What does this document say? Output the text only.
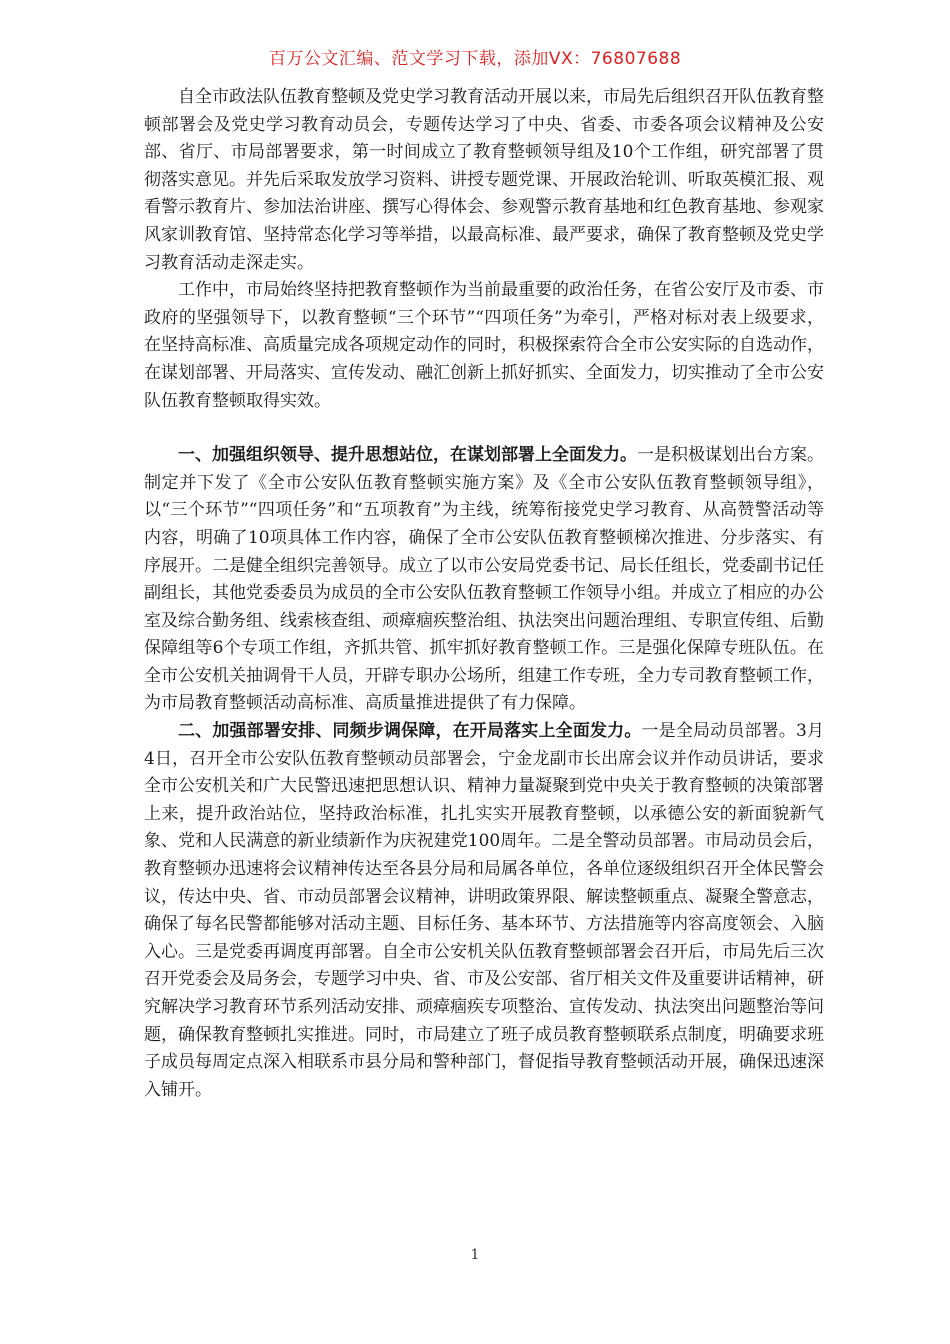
百万公文汇编、范文学习下载，添加VX：76807688

自全市政法队伍教育整顿及党史学习教育活动开展以来，市局先后组织召开队伍教育整顿部署会及党史学习教育动员会，专题传达学习了中央、省委、市委各项会议精神及公安部、省厅、市局部署要求，第一时间成立了教育整顿领导组及10个工作组，研究部署了贯彻落实意见。并先后采取发放学习资料、讲授专题党课、开展政治轮训、听取英模汇报、观看警示教育片、参加法治讲座、撰写心得体会、参观警示教育基地和红色教育基地、参观家风家训教育馆、坚持常态化学习等举措，以最高标准、最严要求，确保了教育整顿及党史学习教育活动走深走实。

工作中，市局始终坚持把教育整顿作为当前最重要的政治任务，在省公安厅及市委、市政府的坚强领导下，以教育整顿“三个环节”“四项任务”为牵引，严格对标对表上级要求，在坚持高标准、高质量完成各项规定动作的同时，积极探索符合全市公安实际的自选动作，在谋划部署、开局落实、宣传发动、融汇创新上抓好抓实、全面发力，切实推动了全市公安队伍教育整顿取得实效。

一、加强组织领导、提升思想站位，在谋划部署上全面发力。一是积极谋划出台方案。制定并下发了《全市公安队伍教育整顿实施方案》及《全市公安队伍教育整顿领导组》，以“三个环节”“四项任务”和“五项教育”为主线，统筹衔接党史学习教育、从高赞警活动等内容，明确了10项具体工作内容，确保了全市公安队伍教育整顿梯次推进、分步落实、有序展开。二是健全组织完善领导。成立了以市公安局党委书记、局长任组长，党委副书记任副组长，其他党委委员为成员的全市公安队伍教育整顿工作领导小组。并成立了相应的办公室及综合勤务组、线索核查组、顽瘴痼疾整治组、执法突出问题治理组、专职宣传组、后勤保障组等6个专项工作组，齐抓共管、抓牢抓好教育整顿工作。三是强化保障专班队伍。在全市公安机关抽调骨干人员，开辟专职办公场所，组建工作专班，全力专司教育整顿工作，为市局教育整顿活动高标准、高质量推进提供了有力保障。

二、加强部署安排、同频步调保障，在开局落实上全面发力。一是全局动员部署。3月4日，召开全市公安队伍教育整顿动员部署会，宁金龙副市长出席会议并作动员讲话，要求全市公安机关和广大民警迅速把思想认识、精神力量凝聚到党中央关于教育整顿的决策部署上来，提升政治站位，坚持政治标准，扎扎实实开展教育整顿，以承德公安的新面貌新气象、党和人民满意的新业绩新作为庆祝建党100周年。二是全警动员部署。市局动员会后，教育整顿办迅速将会议精神传达至各县分局和局属各单位，各单位逐级组织召开全体民警会议，传达中央、省、市动员部署会议精神，讲明政策界限、解读整顿重点、凝聚全警意志，确保了每名民警都能够对活动主题、目标任务、基本环节、方法措施等内容高度领会、入脑入心。三是党委再调度再部署。自全市公安机关队伍教育整顿部署会召开后，市局先后三次召开党委会及局务会，专题学习中央、省、市及公安部、省厅相关文件及重要讲话精神，研究解决学习教育环节系列活动安排、顽瘴痼疾专项整治、宣传发动、执法突出问题整治等问题，确保教育整顿扎实推进。同时，市局建立了班子成员教育整顿联系点制度，明确要求班子成员每周定点深入相联系市县分局和警种部门，督促指导教育整顿活动开展，确保迅速深入铺开。

1
